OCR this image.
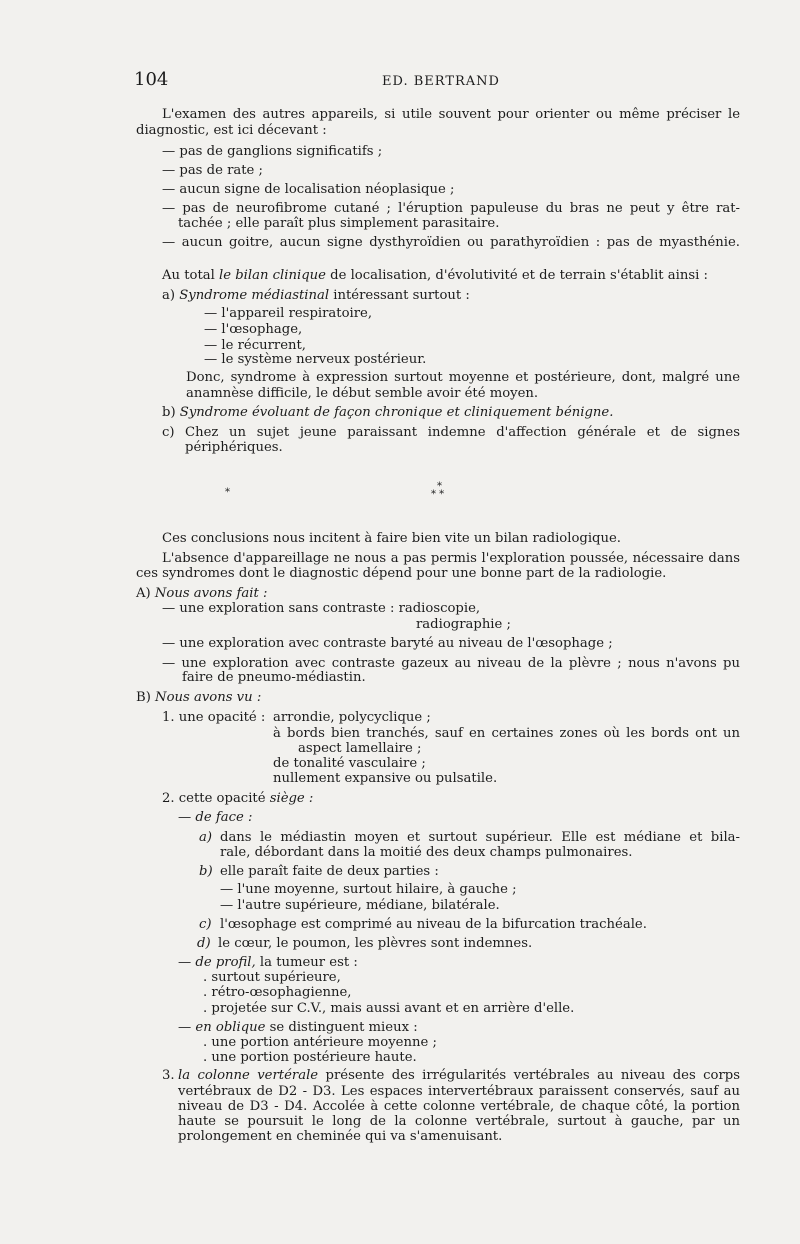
104	ED. BERTRAND
L'examen des autres appareils, si utile souvent pour orienter ou même préciser le
diagnostic, est ici décevant :
— pas de ganglions significatifs ;
— pas de rate ;
— aucun signe de localisation néoplasique ;
— pas de neurofibrome cutané ; l'éruption papuleuse du bras ne peut y être rat-
tachée ; elle paraît plus simplement parasitaire.
— aucun goitre, aucun signe dysthyroïdien ou parathyroïdien : pas de myasthénie.
Au total le bilan clinique de localisation, d'évolutivité et de terrain s'établit ainsi :
a) Syndrome médiastinal intéressant surtout :
— l'appareil respiratoire,
— l'œsophage,
— le récurrent,
— le système nerveux postérieur.
Donc, syndrome à expression surtout moyenne et postérieure, dont, malgré une
anamnèse difficile, le début semble avoir été moyen.
b) Syndrome évoluant de façon chronique et cliniquement bénigne.
c) Chez un sujet jeune paraissant indemne d'affection générale et de signes
périphériques.
*
*
* *
Ces conclusions nous incitent à faire bien vite un bilan radiologique.
L'absence d'appareillage ne nous a pas permis l'exploration poussée, nécessaire dans
ces syndromes dont le diagnostic dépend pour une bonne part de la radiologie.
A) Nous avons fait :
— une exploration sans contraste : radioscopie,
radiographie ;
— une exploration avec contraste baryté au niveau de l'œsophage ;
— une exploration avec contraste gazeux au niveau de la plèvre ; nous n'avons pu
faire de pneumo-médiastin.
B) Nous avons vu :
1. une opacité : arrondie, polycyclique ;
à bords bien tranchés, sauf en certaines zones où les bords ont un
aspect lamellaire ;
de tonalité vasculaire ;
nullement expansive ou pulsatile.
2. cette opacité siège :
— de face :
a) dans le médiastin moyen et surtout supérieur. Elle est médiane et bila-
rale, débordant dans la moitié des deux champs pulmonaires.
b) elle paraît faite de deux parties :
— l'une moyenne, surtout hilaire, à gauche ;
— l'autre supérieure, médiane, bilatérale.
c) l'œsophage est comprimé au niveau de la bifurcation trachéale.
d) le cœur, le poumon, les plèvres sont indemnes.
— de profil, la tumeur est :
. surtout supérieure,
. rétro-œsophagienne,
. projetée sur C.V., mais aussi avant et en arrière d'elle.
— en oblique se distinguent mieux :
. une portion antérieure moyenne ;
. une portion postérieure haute.
3. la colonne vertérale présente des irrégularités vertébrales au niveau des corps
vertébraux de D2 - D3. Les espaces intervertébraux paraissent conservés, sauf au
niveau de D3 - D4. Accolée à cette colonne vertébrale, de chaque côté, la portion
haute se poursuit le long de la colonne vertébrale, surtout à gauche, par un
prolongement en cheminée qui va s'amenuisant.
